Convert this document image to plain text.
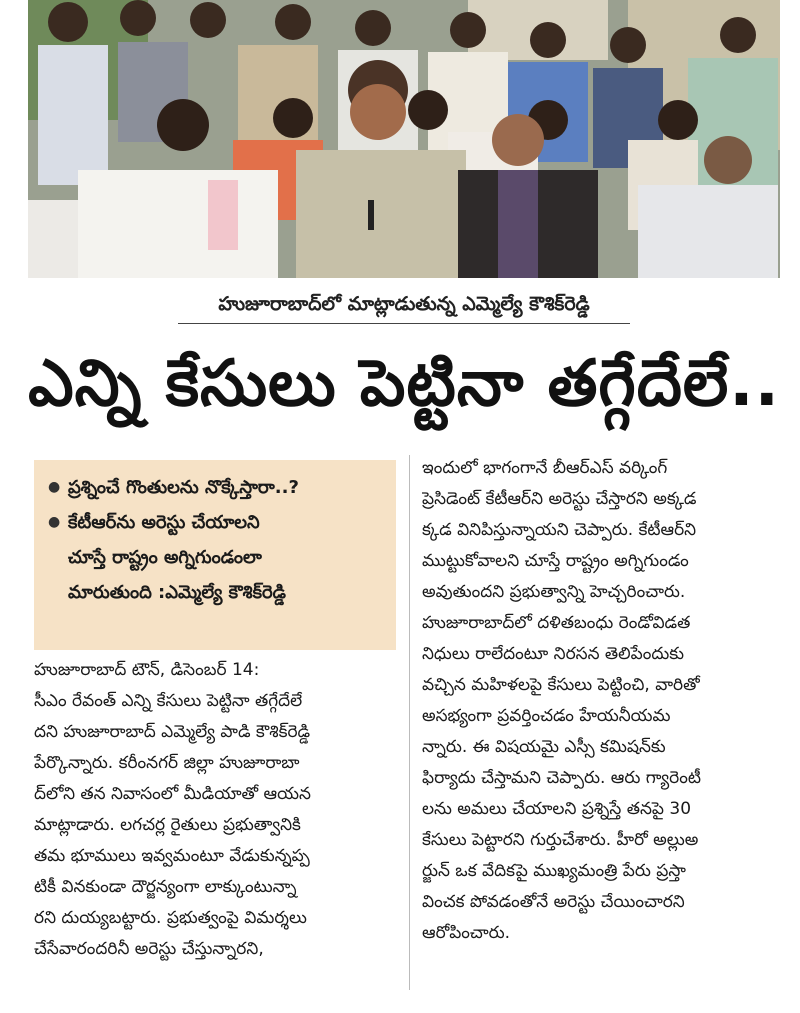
హుజూరాబాద్‌లో మాట్లాడుతున్న ఎమ్మెల్యే కౌశిక్‌రెడ్డి
ఎన్ని కేసులు పెట్టినా తగ్గేదేలే..
● ప్రశ్నించే గొంతులను నొక్కేస్తారా..?
● కేటీఆర్‌ను అరెస్టు చేయాలని
చూస్తే రాష్ట్రం అగ్నిగుండంలా
మారుతుంది :ఎమ్మెల్యే కౌశిక్‌రెడ్డి
హుజూరాబాద్ టౌన్, డిసెంబర్ 14:
సీఎం రేవంత్ ఎన్ని కేసులు పెట్టినా తగ్గేదేలే
దని హుజూరాబాద్ ఎమ్మెల్యే పాడి కౌశిక్‌రెడ్డి
పేర్కొన్నారు. కరీంనగర్ జిల్లా హుజూరాబా
ద్‌లోని తన నివాసంలో మీడియాతో ఆయన
మాట్లాడారు. లగచర్ల రైతులు ప్రభుత్వానికి
తమ భూములు ఇవ్వమంటూ వేడుకున్నప్ప
టికీ వినకుండా దౌర్జన్యంగా లాక్కుంటున్నా
రని దుయ్యబట్టారు. ప్రభుత్వంపై విమర్శలు
చేసేవారందరినీ అరెస్టు చేస్తున్నారని,
ఇందులో భాగంగానే బీఆర్ఎస్ వర్కింగ్
ప్రెసిడెంట్ కేటీఆర్‌ని అరెస్టు చేస్తారని అక్కడ
క్కడ వినిపిస్తున్నాయని చెప్పారు. కేటీఆర్‌ని
ముట్టుకోవాలని చూస్తే రాష్ట్రం అగ్నిగుండం
అవుతుందని ప్రభుత్వాన్ని హెచ్చరించారు.
హుజూరాబాద్‌లో దళితబంధు రెండోవిడత
నిధులు రాలేదంటూ నిరసన తెలిపేందుకు
వచ్చిన మహిళలపై కేసులు పెట్టించి, వారితో
అసభ్యంగా ప్రవర్తించడం హేయనీయమ
న్నారు. ఈ విషయమై ఎస్సీ కమిషన్‌కు
ఫిర్యాదు చేస్తామని చెప్పారు. ఆరు గ్యారెంటీ
లను అమలు చేయాలని ప్రశ్నిస్తే తనపై 30
కేసులు పెట్టారని గుర్తుచేశారు. హీరో అల్లుఅ
ర్జున్ ఒక వేదికపై ముఖ్యమంత్రి పేరు ప్రస్తా
వించక పోవడంతోనే అరెస్టు చేయించారని
ఆరోపించారు.
